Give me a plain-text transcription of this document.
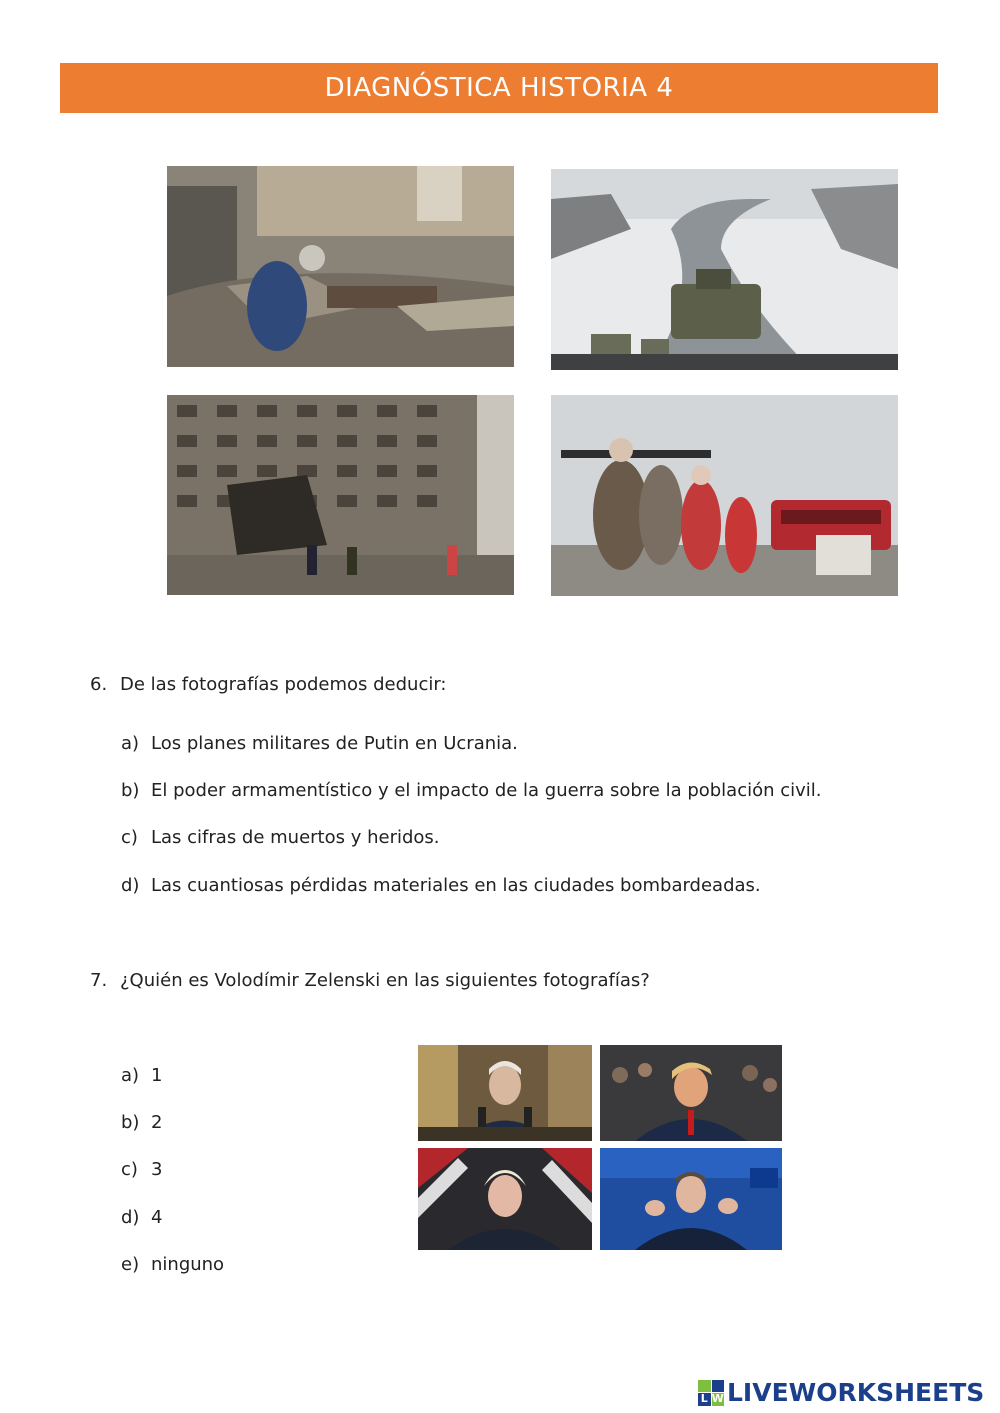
DIAGNÓSTICA HISTORIA 4
6. De las fotografías podemos deducir:
a) Los planes militares de Putin en Ucrania.
b) El poder armamentístico y el impacto de la guerra sobre la población civil.
c) Las cifras de muertos y heridos.
d) Las cuantiosas pérdidas materiales en las ciudades bombardeadas.
7. ¿Quién es Volodímir Zelenski en las siguientes fotografías?
a) 1
b) 2
c) 3
d) 4
e) ninguno
L W LIVEWORKSHEETS
